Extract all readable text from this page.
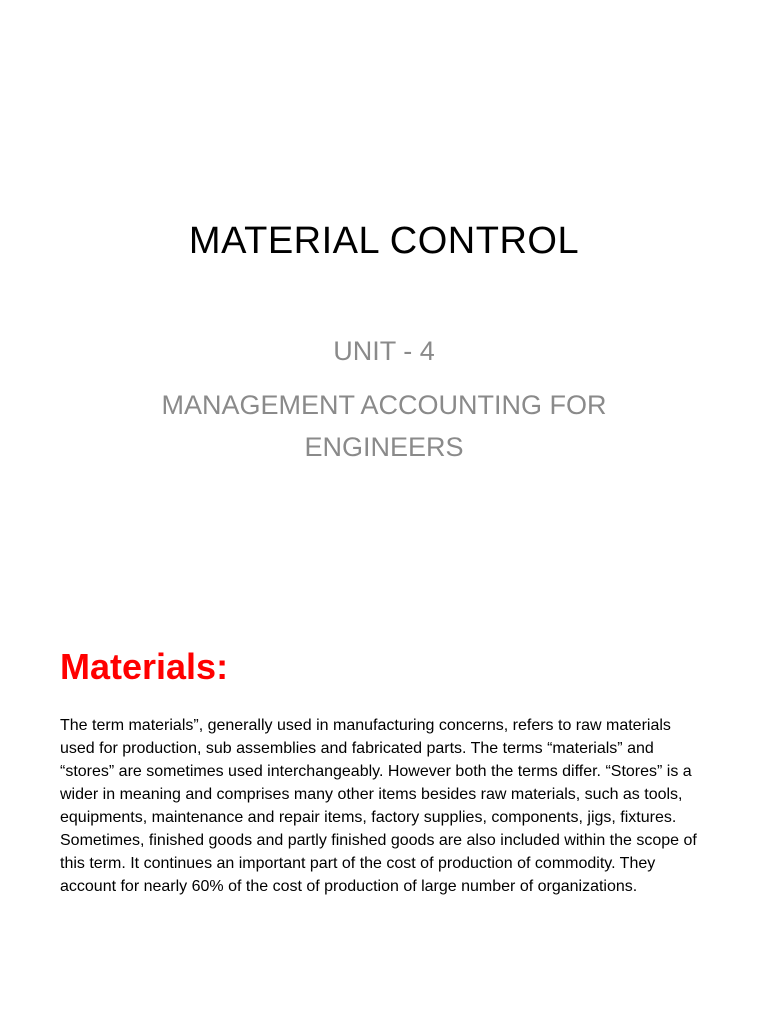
MATERIAL CONTROL

UNIT - 4

MANAGEMENT ACCOUNTING FOR ENGINEERS

Materials:

The term materials”, generally used in manufacturing concerns, refers to raw materials used for production, sub assemblies and fabricated parts. The terms “materials” and “stores” are sometimes used interchangeably. However both the terms differ. “Stores” is a wider in meaning and comprises many other items besides raw materials, such as tools, equipments, maintenance and repair items, factory supplies, components, jigs, fixtures. Sometimes, finished goods and partly finished goods are also included within the scope of this term. It continues an important part of the cost of production of commodity. They account for nearly 60% of the cost of production of large number of organizations.
